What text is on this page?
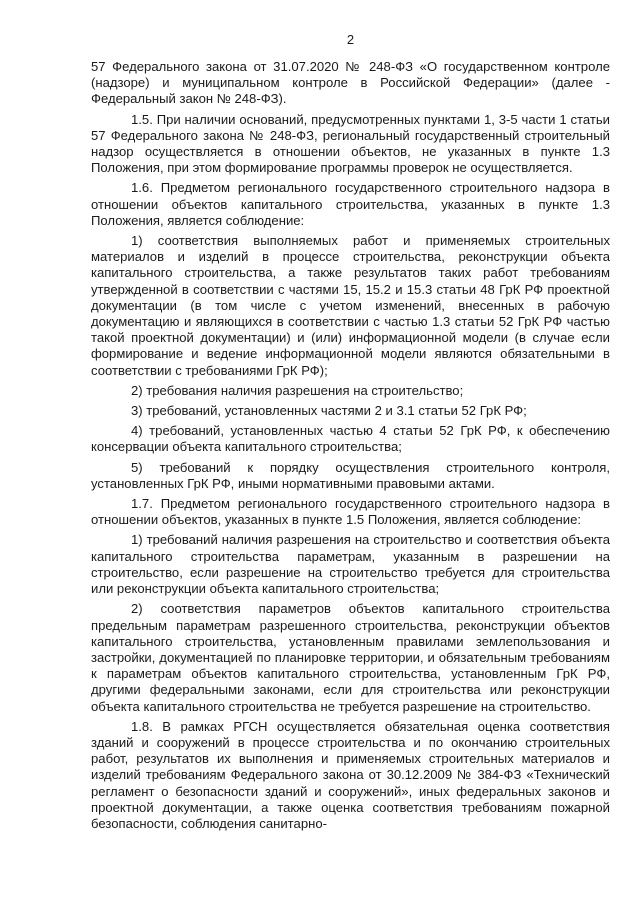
2

57 Федерального закона от 31.07.2020 № 248-ФЗ «О государственном контроле (надзоре) и муниципальном контроле в Российской Федерации» (далее - Федеральный закон № 248-ФЗ).

1.5. При наличии оснований, предусмотренных пунктами 1, 3-5 части 1 статьи 57 Федерального закона № 248-ФЗ, региональный государственный строительный надзор осуществляется в отношении объектов, не указанных в пункте 1.3 Положения, при этом формирование программы проверок не осуществляется.

1.6. Предметом регионального государственного строительного надзора в отношении объектов капитального строительства, указанных в пункте 1.3 Положения, является соблюдение:

1) соответствия выполняемых работ и применяемых строительных материалов и изделий в процессе строительства, реконструкции объекта капитального строительства, а также результатов таких работ требованиям утвержденной в соответствии с частями 15, 15.2 и 15.3 статьи 48 ГрК РФ проектной документации (в том числе с учетом изменений, внесенных в рабочую документацию и являющихся в соответствии с частью 1.3 статьи 52 ГрК РФ частью такой проектной документации) и (или) информационной модели (в случае если формирование и ведение информационной модели являются обязательными в соответствии с требованиями ГрК РФ);

2) требования наличия разрешения на строительство;

3) требований, установленных частями 2 и 3.1 статьи 52 ГрК РФ;

4) требований, установленных частью 4 статьи 52 ГрК РФ, к обеспечению консервации объекта капитального строительства;

5) требований к порядку осуществления строительного контроля, установленных ГрК РФ, иными нормативными правовыми актами.

1.7. Предметом регионального государственного строительного надзора в отношении объектов, указанных в пункте 1.5 Положения, является соблюдение:

1) требований наличия разрешения на строительство и соответствия объекта капитального строительства параметрам, указанным в разрешении на строительство, если разрешение на строительство требуется для строительства или реконструкции объекта капитального строительства;

2) соответствия параметров объектов капитального строительства предельным параметрам разрешенного строительства, реконструкции объектов капитального строительства, установленным правилами землепользования и застройки, документацией по планировке территории, и обязательным требованиям к параметрам объектов капитального строительства, установленным ГрК РФ, другими федеральными законами, если для строительства или реконструкции объекта капитального строительства не требуется разрешение на строительство.

1.8. В рамках РГСН осуществляется обязательная оценка соответствия зданий и сооружений в процессе строительства и по окончанию строительных работ, результатов их выполнения и применяемых строительных материалов и изделий требованиям Федерального закона от 30.12.2009 № 384-ФЗ «Технический регламент о безопасности зданий и сооружений», иных федеральных законов и проектной документации, а также оценка соответствия требованиям пожарной безопасности, соблюдения санитарно-
